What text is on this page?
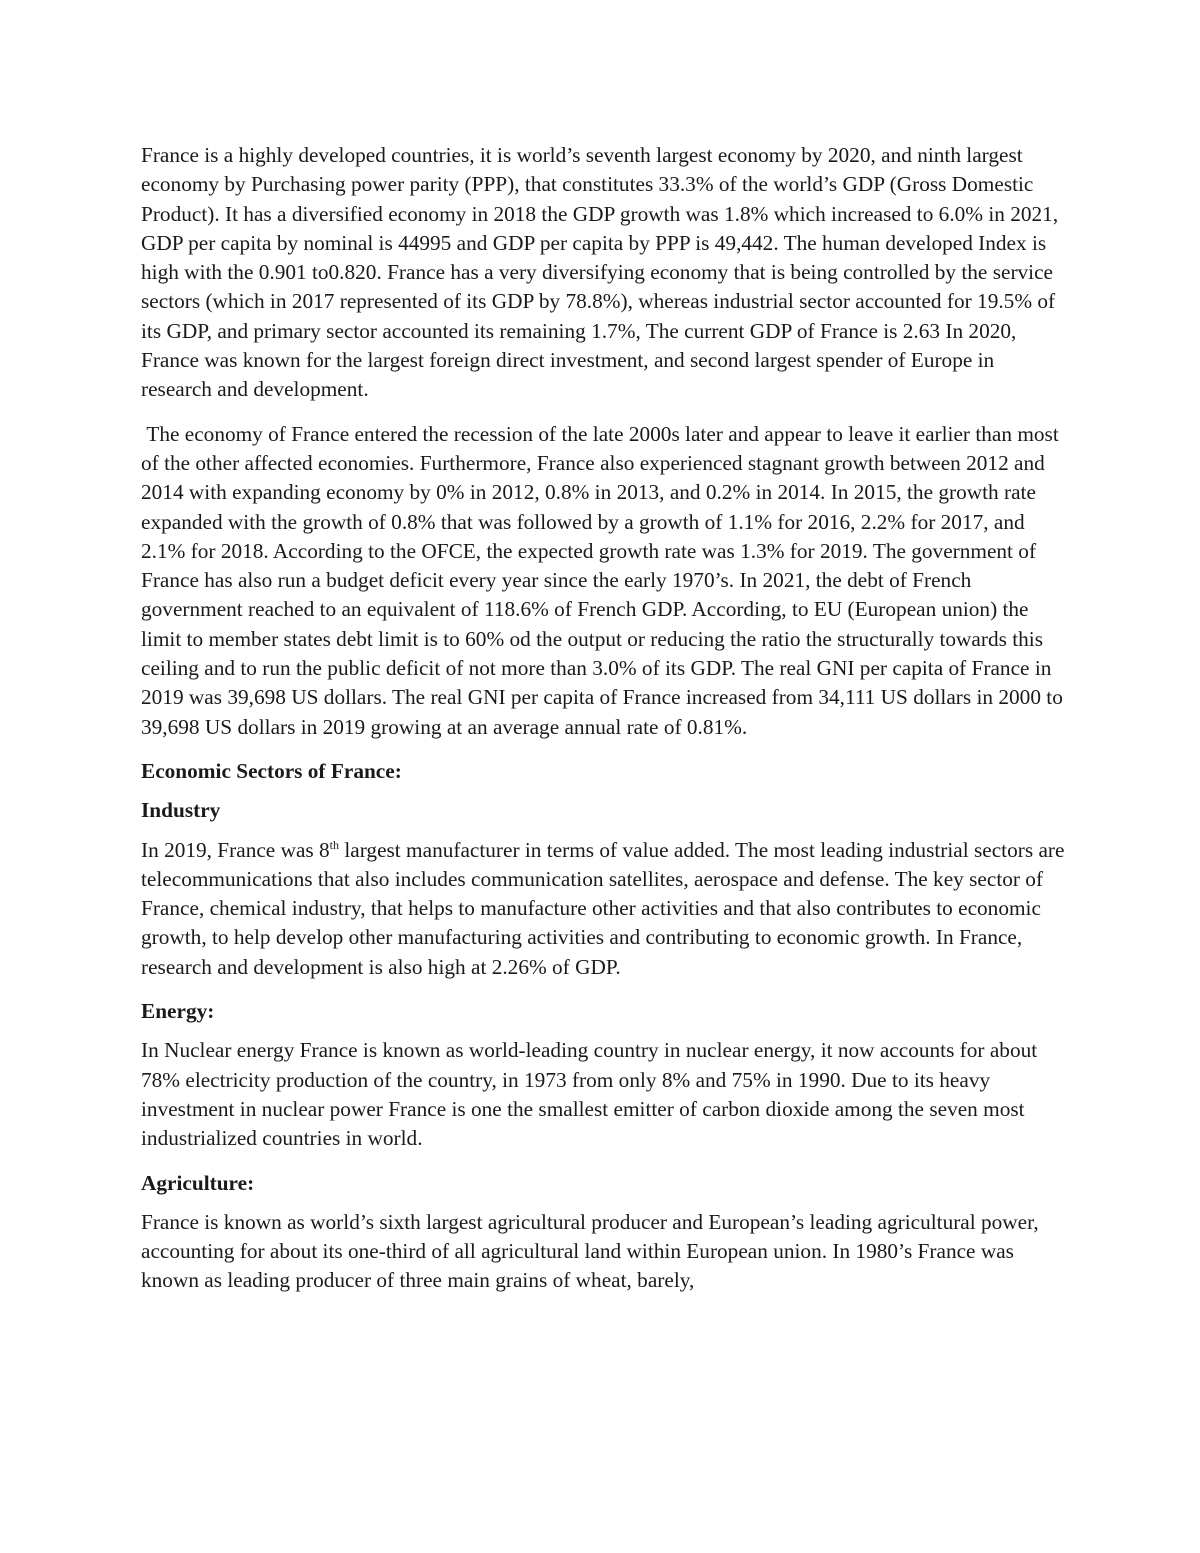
France is a highly developed countries, it is world’s seventh largest economy by 2020, and ninth largest economy by Purchasing power parity (PPP), that constitutes 33.3% of the world’s GDP (Gross Domestic Product). It has a diversified economy in 2018 the GDP growth was 1.8% which increased to 6.0% in 2021, GDP per capita by nominal is 44995 and GDP per capita by PPP is 49,442. The human developed Index is high with the 0.901 to0.820. France has a very diversifying economy that is being controlled by the service sectors (which in 2017 represented of its GDP by 78.8%), whereas industrial sector accounted for 19.5% of its GDP, and primary sector accounted its remaining 1.7%, The current GDP of France is 2.63 In 2020, France was known for the largest foreign direct investment, and second largest spender of Europe in research and development.

The economy of France entered the recession of the late 2000s later and appear to leave it earlier than most of the other affected economies. Furthermore, France also experienced stagnant growth between 2012 and 2014 with expanding economy by 0% in 2012, 0.8% in 2013, and 0.2% in 2014. In 2015, the growth rate expanded with the growth of 0.8% that was followed by a growth of 1.1% for 2016, 2.2% for 2017, and 2.1% for 2018. According to the OFCE, the expected growth rate was 1.3% for 2019. The government of France has also run a budget deficit every year since the early 1970’s. In 2021, the debt of French government reached to an equivalent of 118.6% of French GDP. According, to EU (European union) the limit to member states debt limit is to 60% od the output or reducing the ratio the structurally towards this ceiling and to run the public deficit of not more than 3.0% of its GDP. The real GNI per capita of France in 2019 was 39,698 US dollars. The real GNI per capita of France increased from 34,111 US dollars in 2000 to 39,698 US dollars in 2019 growing at an average annual rate of 0.81%.

Economic Sectors of France:

Industry

In 2019, France was 8th largest manufacturer in terms of value added. The most leading industrial sectors are telecommunications that also includes communication satellites, aerospace and defense. The key sector of France, chemical industry, that helps to manufacture other activities and that also contributes to economic growth, to help develop other manufacturing activities and contributing to economic growth. In France, research and development is also high at 2.26% of GDP.

Energy:

In Nuclear energy France is known as world-leading country in nuclear energy, it now accounts for about 78% electricity production of the country, in 1973 from only 8% and 75% in 1990. Due to its heavy investment in nuclear power France is one the smallest emitter of carbon dioxide among the seven most industrialized countries in world.

Agriculture:

France is known as world’s sixth largest agricultural producer and European’s leading agricultural power, accounting for about its one-third of all agricultural land within European union. In 1980’s France was known as leading producer of three main grains of wheat, barely,
